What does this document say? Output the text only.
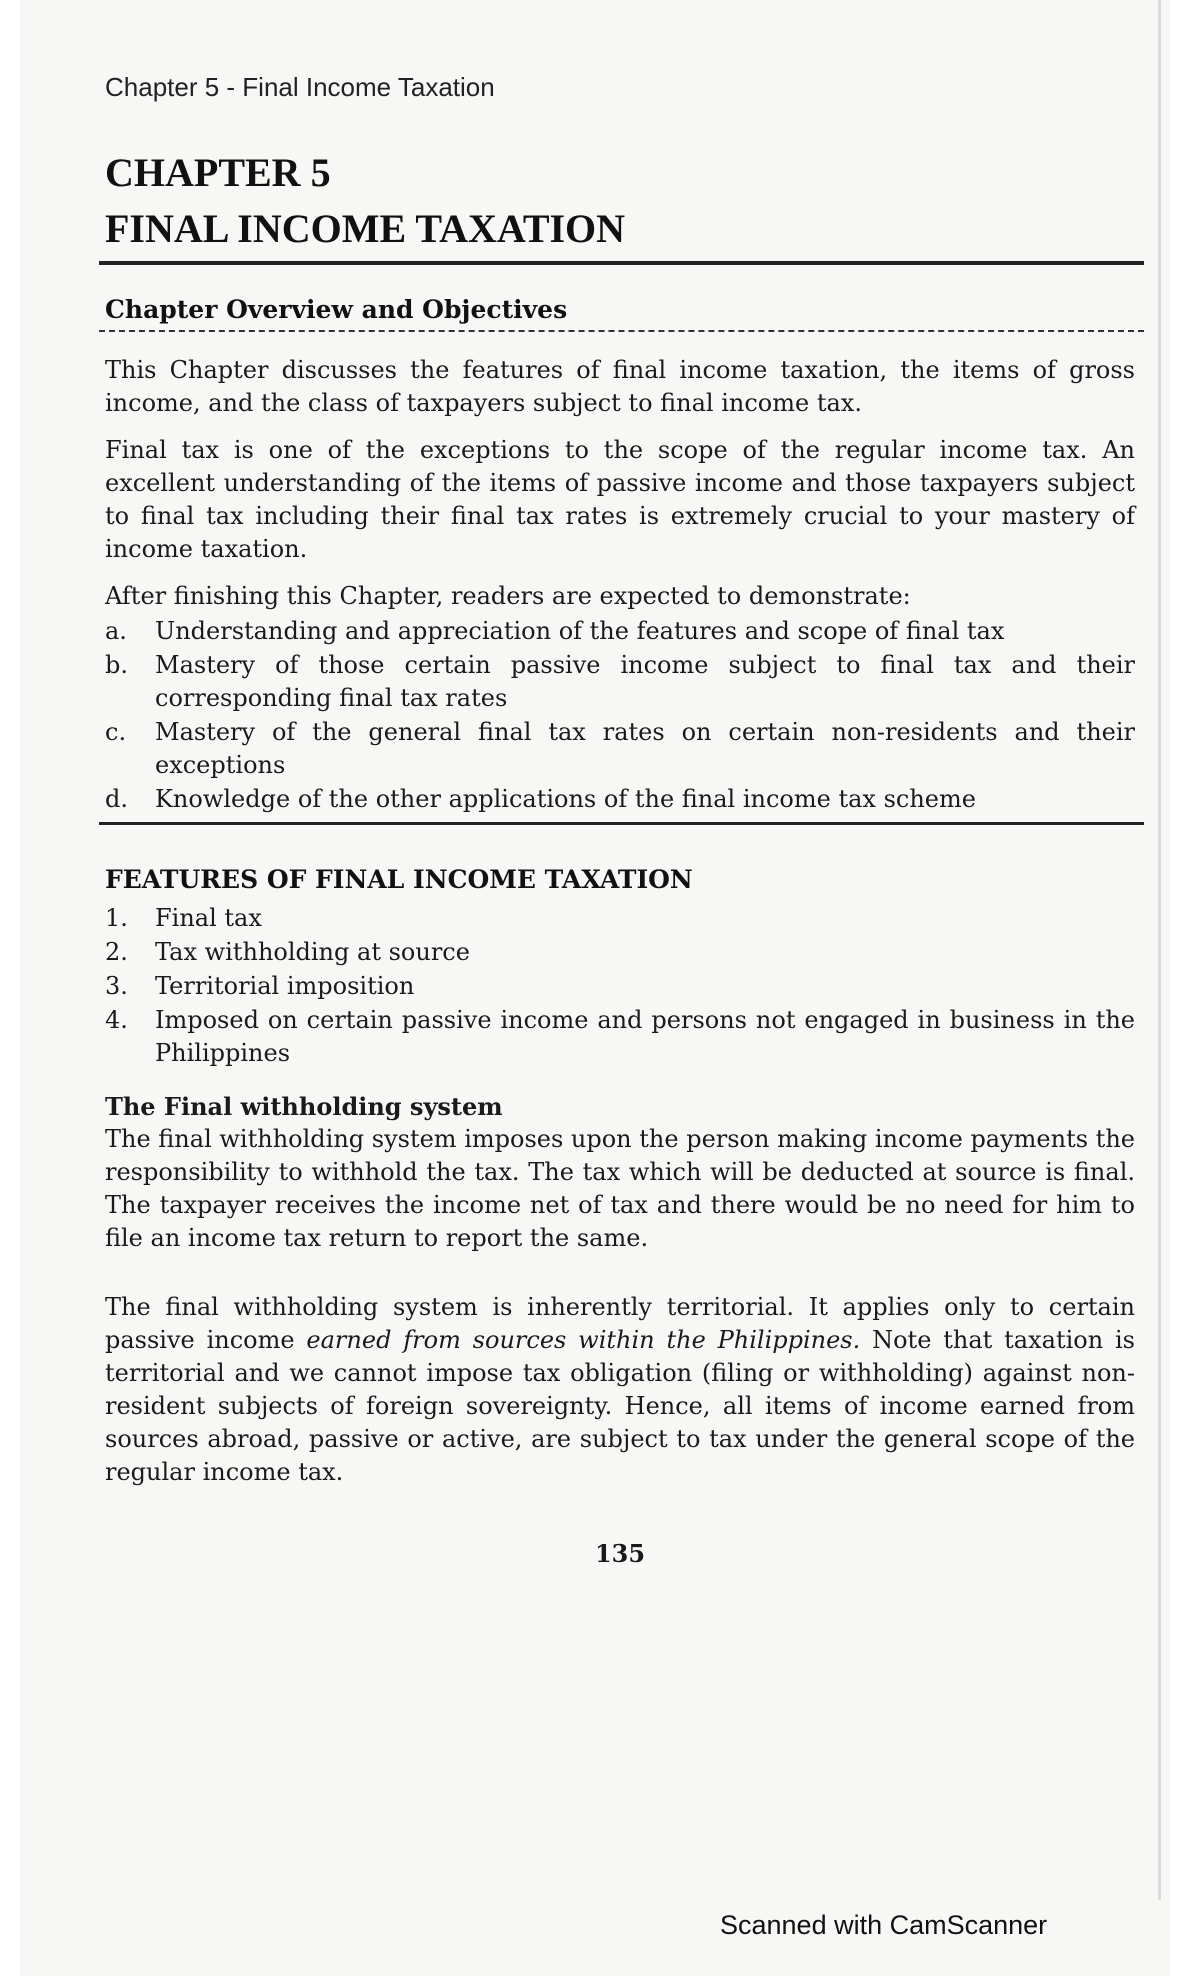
Chapter 5 - Final Income Taxation
CHAPTER 5
FINAL INCOME TAXATION
Chapter Overview and Objectives

This Chapter discusses the features of final income taxation, the items of gross income, and the class of taxpayers subject to final income tax.

Final tax is one of the exceptions to the scope of the regular income tax. An excellent understanding of the items of passive income and those taxpayers subject to final tax including their final tax rates is extremely crucial to your mastery of income taxation.

After finishing this Chapter, readers are expected to demonstrate:

a.	Understanding and appreciation of the features and scope of final tax
b.	Mastery of those certain passive income subject to final tax and their corresponding final tax rates
c.	Mastery of the general final tax rates on certain non-residents and their exceptions
d.	Knowledge of the other applications of the final income tax scheme
FEATURES OF FINAL INCOME TAXATION
1.	Final tax
2.	Tax withholding at source
3.	Territorial imposition
4.	Imposed on certain passive income and persons not engaged in business in the Philippines
The Final withholding system

The final withholding system imposes upon the person making income payments the responsibility to withhold the tax. The tax which will be deducted at source is final. The taxpayer receives the income net of tax and there would be no need for him to file an income tax return to report the same.

The final withholding system is inherently territorial. It applies only to certain passive income earned from sources within the Philippines. Note that taxation is territorial and we cannot impose tax obligation (filing or withholding) against non-resident subjects of foreign sovereignty. Hence, all items of income earned from sources abroad, passive or active, are subject to tax under the general scope of the regular income tax.

135
Scanned with CamScanner
